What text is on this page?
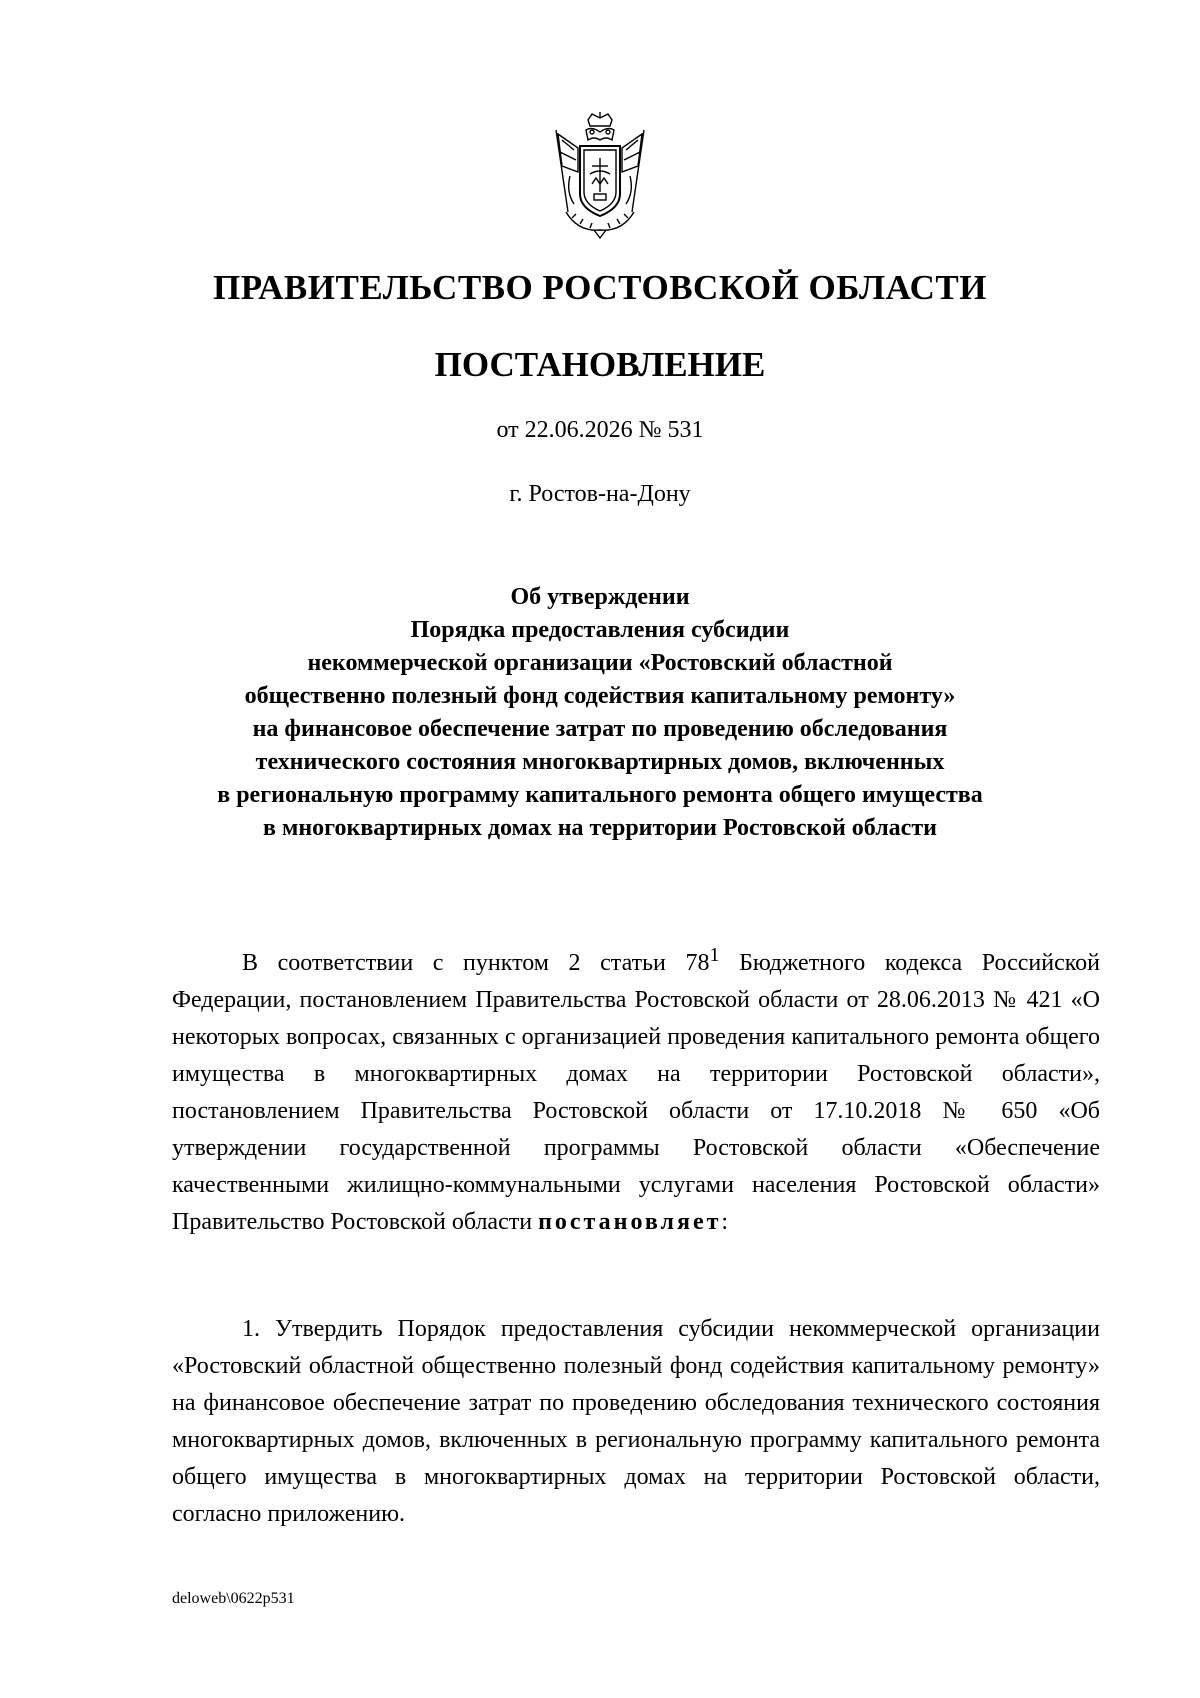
ПРАВИТЕЛЬСТВО РОСТОВСКОЙ ОБЛАСТИ
ПОСТАНОВЛЕНИЕ
от 22.06.2026 № 531
г. Ростов-на-Дону
Об утверждении
Порядка предоставления субсидии
некоммерческой организации «Ростовский областной
общественно полезный фонд содействия капитальному ремонту»
на финансовое обеспечение затрат по проведению обследования
технического состояния многоквартирных домов, включенных
в региональную программу капитального ремонта общего имущества
в многоквартирных домах на территории Ростовской области

В соответствии с пунктом 2 статьи $78^1$ Бюджетного кодекса Российской Федерации, постановлением Правительства Ростовской области от 28.06.2013 № 421 «О некоторых вопросах, связанных с организацией проведения капитального ремонта общего имущества в многоквартирных домах на территории Ростовской области», постановлением Правительства Ростовской области от 17.10.2018 № 650 «Об утверждении государственной программы Ростовской области «Обеспечение качественными жилищно-коммунальными услугами населения Ростовской области» Правительство Ростовской области постановляет:

1. Утвердить Порядок предоставления субсидии некоммерческой организации «Ростовский областной общественно полезный фонд содействия капитальному ремонту» на финансовое обеспечение затрат по проведению обследования технического состояния многоквартирных домов, включенных в региональную программу капитального ремонта общего имущества в многоквартирных домах на территории Ростовской области, согласно приложению.

deloweb\0622p531
